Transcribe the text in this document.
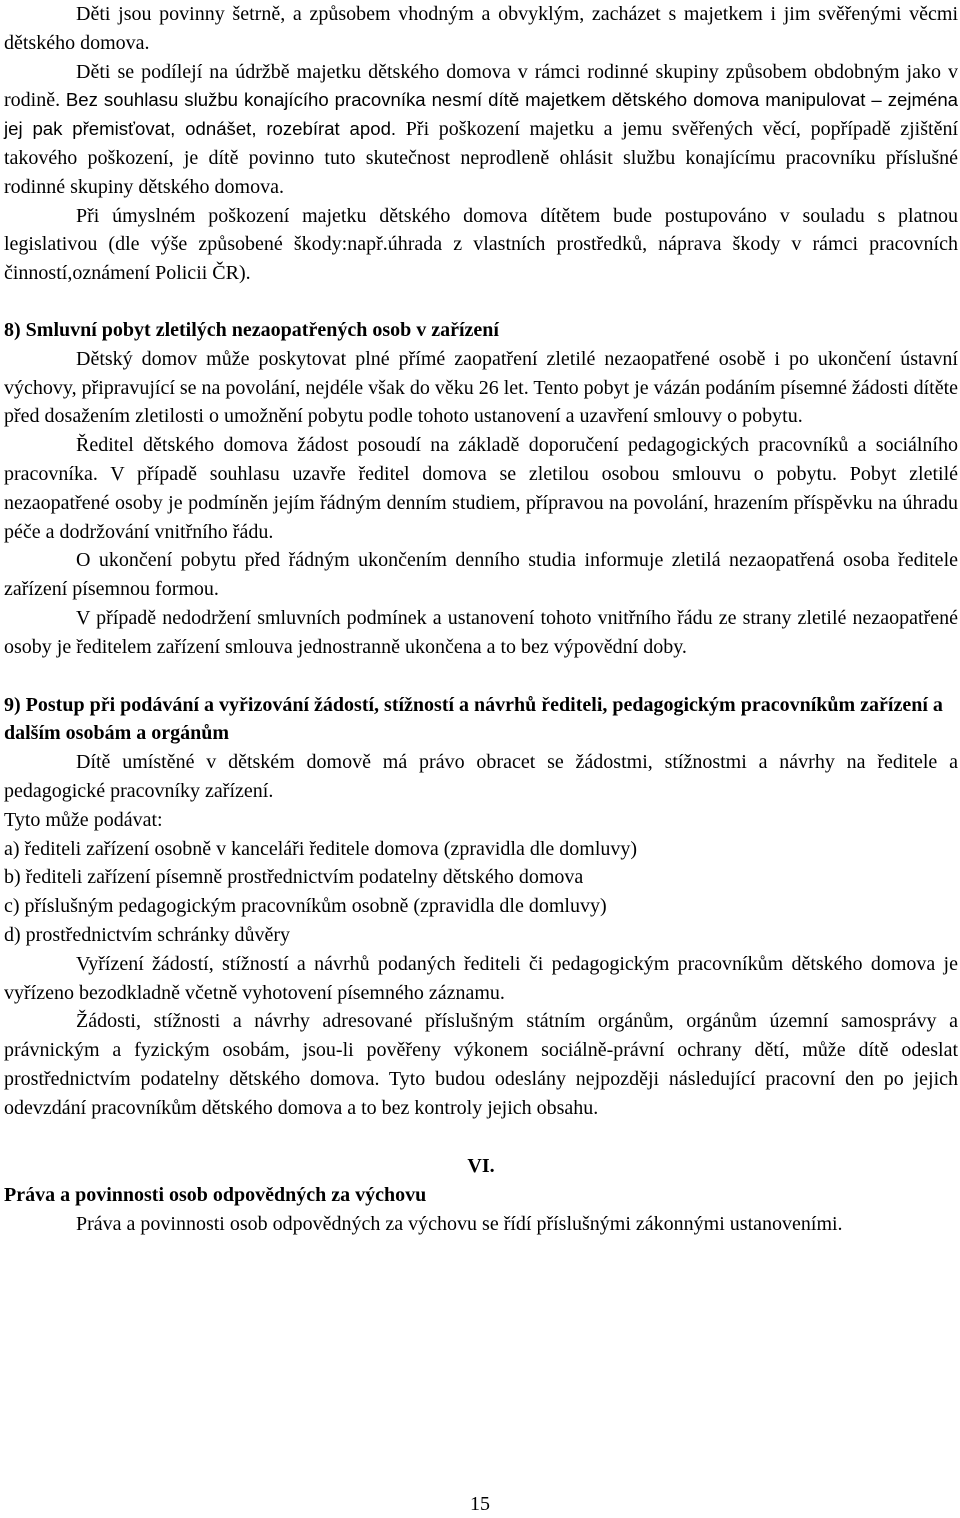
Děti jsou povinny šetrně, a způsobem vhodným a obvyklým, zacházet s majetkem i jim svěřenými věcmi dětského domova.

Děti se podílejí na údržbě majetku dětského domova v rámci rodinné skupiny způsobem obdobným jako v rodině. Bez souhlasu službu konajícího pracovníka nesmí dítě majetkem dětského domova manipulovat – zejména jej pak přemisťovat, odnášet, rozebírat apod. Při poškození majetku a jemu svěřených věcí, popřípadě zjištění takového poškození, je dítě povinno tuto skutečnost neprodleně ohlásit službu konajícímu pracovníku příslušné rodinné skupiny dětského domova.

Při úmyslném poškození majetku dětského domova dítětem bude postupováno v souladu s platnou legislativou (dle výše způsobené škody:např.úhrada z vlastních prostředků, náprava škody v rámci pracovních činností,oznámení Policii ČR).

8) Smluvní pobyt zletilých nezaopatřených osob v zařízení

Dětský domov může poskytovat plné přímé zaopatření zletilé nezaopatřené osobě i po ukončení ústavní výchovy, připravující se na povolání, nejdéle však do věku 26 let. Tento pobyt je vázán podáním písemné žádosti dítěte před dosažením zletilosti o umožnění pobytu podle tohoto ustanovení a uzavření smlouvy o pobytu.

Ředitel dětského domova žádost posoudí na základě doporučení pedagogických pracovníků a sociálního pracovníka. V případě souhlasu uzavře ředitel domova se zletilou osobou smlouvu o pobytu. Pobyt zletilé nezaopatřené osoby je podmíněn jejím řádným denním studiem, přípravou na povolání, hrazením příspěvku na úhradu péče a dodržování vnitřního řádu.

O ukončení pobytu před řádným ukončením denního studia informuje zletilá nezaopatřená osoba ředitele zařízení písemnou formou.

V případě nedodržení smluvních podmínek a ustanovení tohoto vnitřního řádu ze strany zletilé nezaopatřené osoby je ředitelem zařízení smlouva jednostranně ukončena a to bez výpovědní doby.

9) Postup při podávání a vyřizování žádostí, stížností a návrhů řediteli, pedagogickým pracovníkům zařízení a dalším osobám a orgánům

Dítě umístěné v dětském domově má právo obracet se žádostmi, stížnostmi a návrhy na ředitele a pedagogické pracovníky zařízení.

Tyto může podávat:

a) řediteli zařízení osobně v kanceláři ředitele domova (zpravidla dle domluvy)

b) řediteli zařízení písemně prostřednictvím podatelny dětského domova

c) příslušným pedagogickým pracovníkům osobně (zpravidla dle domluvy)

d) prostřednictvím schránky důvěry

Vyřízení žádostí, stížností a návrhů podaných řediteli či pedagogickým pracovníkům dětského domova je vyřízeno bezodkladně včetně vyhotovení písemného záznamu.

Žádosti, stížnosti a návrhy adresované příslušným státním orgánům, orgánům územní samosprávy a právnickým a fyzickým osobám, jsou-li pověřeny výkonem sociálně-právní ochrany dětí, může dítě odeslat prostřednictvím podatelny dětského domova. Tyto budou odeslány nejpozději následující pracovní den po jejich odevzdání pracovníkům dětského domova a to bez kontroly jejich obsahu.

VI.

Práva a povinnosti osob odpovědných za výchovu

Práva a povinnosti osob odpovědných za výchovu se řídí příslušnými zákonnými ustanoveními.

15
